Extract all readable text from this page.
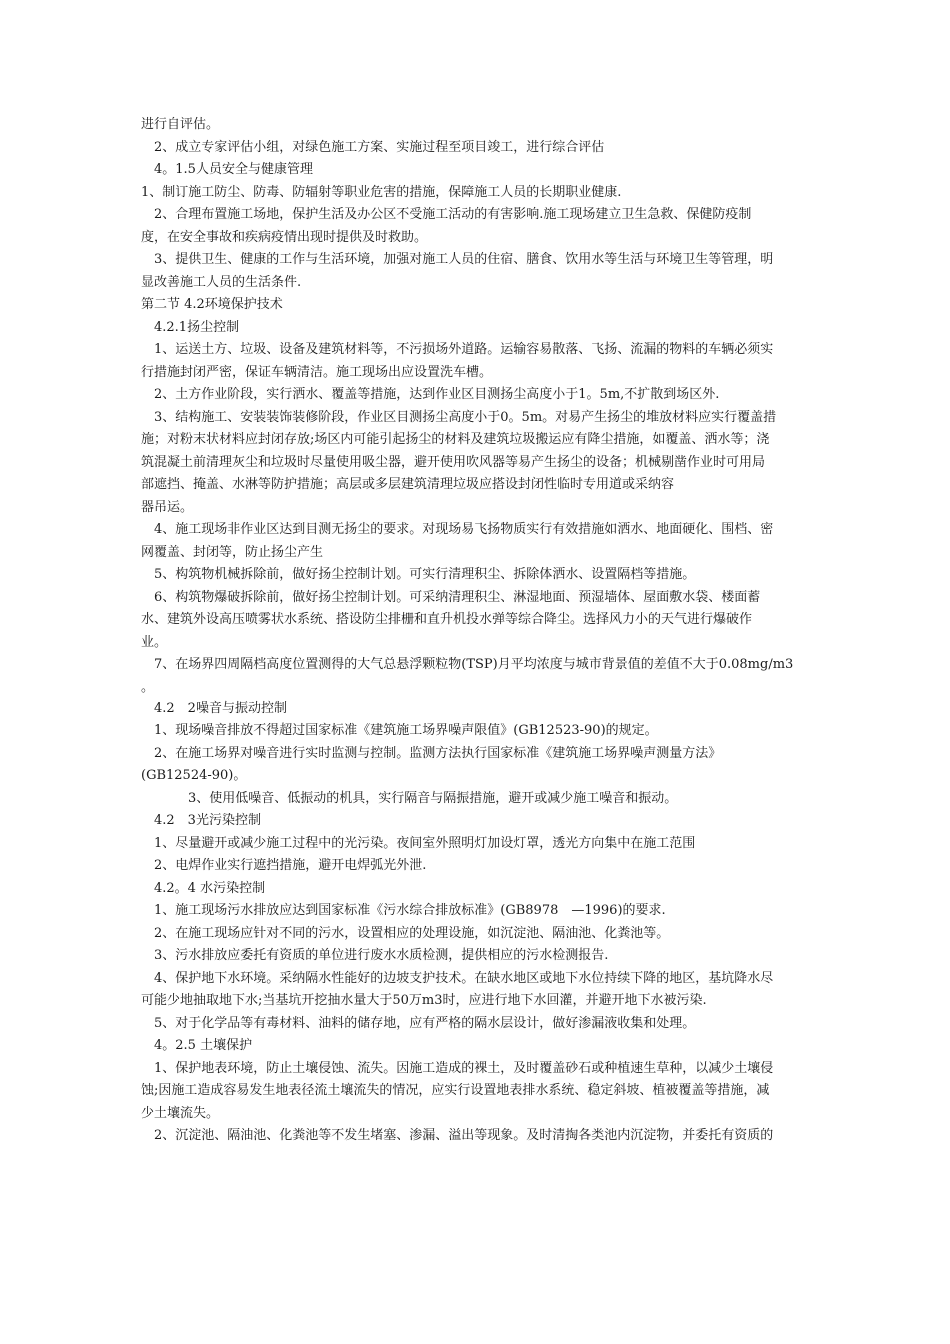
进行自评估。
2、成立专家评估小组，对绿色施工方案、实施过程至项目竣工，进行综合评估
4。1.5人员安全与健康管理
1、制订施工防尘、防毒、防辐射等职业危害的措施，保障施工人员的长期职业健康.
2、合理布置施工场地，保护生活及办公区不受施工活动的有害影响.施工现场建立卫生急救、保健防疫制
度，在安全事故和疾病疫情出现时提供及时救助。
3、提供卫生、健康的工作与生活环境，加强对施工人员的住宿、膳食、饮用水等生活与环境卫生等管理，明
显改善施工人员的生活条件.
第二节 4.2环境保护技术
4.2.1扬尘控制
1、运送土方、垃圾、设备及建筑材料等，不污损场外道路。运输容易散落、飞扬、流漏的物料的车辆必须实
行措施封闭严密，保证车辆清洁。施工现场出应设置洗车槽。
2、土方作业阶段，实行洒水、覆盖等措施，达到作业区目测扬尘高度小于1。5m,不扩散到场区外.
3、结构施工、安装装饰装修阶段，作业区目测扬尘高度小于0。5m。对易产生扬尘的堆放材料应实行覆盖措
施；对粉末状材料应封闭存放;场区内可能引起扬尘的材料及建筑垃圾搬运应有降尘措施，如覆盖、洒水等；浇
筑混凝土前清理灰尘和垃圾时尽量使用吸尘器，避开使用吹风器等易产生扬尘的设备；机械剔凿作业时可用局
部遮挡、掩盖、水淋等防护措施；高层或多层建筑清理垃圾应搭设封闭性临时专用道或采纳容
器吊运。
4、施工现场非作业区达到目测无扬尘的要求。对现场易飞扬物质实行有效措施如洒水、地面硬化、围档、密
网覆盖、封闭等，防止扬尘产生
5、构筑物机械拆除前，做好扬尘控制计划。可实行清理积尘、拆除体洒水、设置隔档等措施。
6、构筑物爆破拆除前，做好扬尘控制计划。可采纳清理积尘、淋湿地面、预湿墙体、屋面敷水袋、楼面蓄
水、建筑外设高压喷雾状水系统、搭设防尘排栅和直升机投水弹等综合降尘。选择风力小的天气进行爆破作
业。
7、在场界四周隔档高度位置测得的大气总悬浮颗粒物(TSP)月平均浓度与城市背景值的差值不大于0.08mg/m3
。
4.2　2噪音与振动控制
1、现场噪音排放不得超过国家标准《建筑施工场界噪声限值》(GB12523-90)的规定。
2、在施工场界对噪音进行实时监测与控制。监测方法执行国家标准《建筑施工场界噪声测量方法》
(GB12524-90)。
3、使用低噪音、低振动的机具，实行隔音与隔振措施，避开或减少施工噪音和振动。
4.2　3光污染控制
1、尽量避开或减少施工过程中的光污染。夜间室外照明灯加设灯罩，透光方向集中在施工范围
2、电焊作业实行遮挡措施，避开电焊弧光外泄.
4.2。4 水污染控制
1、施工现场污水排放应达到国家标准《污水综合排放标准》(GB8978　—1996)的要求.
2、在施工现场应针对不同的污水，设置相应的处理设施，如沉淀池、隔油池、化粪池等。
3、污水排放应委托有资质的单位进行废水水质检测，提供相应的污水检测报告.
4、保护地下水环境。采纳隔水性能好的边坡支护技术。在缺水地区或地下水位持续下降的地区，基坑降水尽
可能少地抽取地下水;当基坑开挖抽水量大于50万m3时，应进行地下水回灌，并避开地下水被污染.
5、对于化学品等有毒材料、油料的储存地，应有严格的隔水层设计，做好渗漏液收集和处理。
4。2.5 土壤保护
1、保护地表环境，防止土壤侵蚀、流失。因施工造成的裸土，及时覆盖砂石或种植速生草种，以减少土壤侵
蚀;因施工造成容易发生地表径流土壤流失的情况，应实行设置地表排水系统、稳定斜坡、植被覆盖等措施，减
少土壤流失。
2、沉淀池、隔油池、化粪池等不发生堵塞、渗漏、溢出等现象。及时清掏各类池内沉淀物，并委托有资质的
